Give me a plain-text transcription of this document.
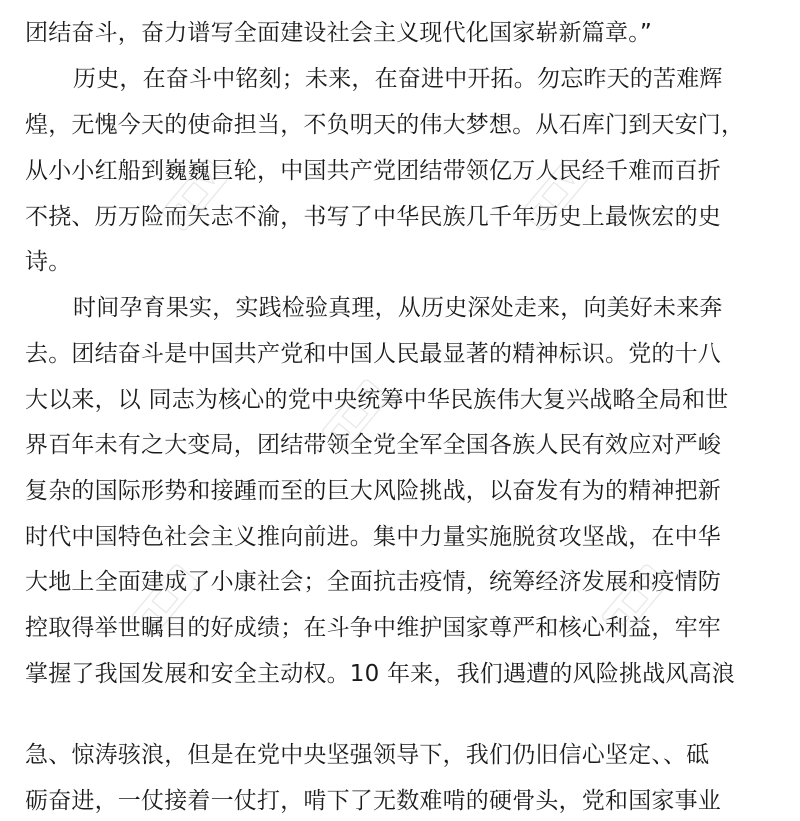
团结奋斗，奋力谱写全面建设社会主义现代化国家崭新篇章。”
历史，在奋斗中铭刻；未来，在奋进中开拓。勿忘昨天的苦难辉
煌，无愧今天的使命担当，不负明天的伟大梦想。从石库门到天安门，
从小小红船到巍巍巨轮，中国共产党团结带领亿万人民经千难而百折
不挠、历万险而矢志不渝，书写了中华民族几千年历史上最恢宏的史
诗。
时间孕育果实，实践检验真理，从历史深处走来，向美好未来奔
去。团结奋斗是中国共产党和中国人民最显著的精神标识。党的十八
大以来，以 同志为核心的党中央统筹中华民族伟大复兴战略全局和世
界百年未有之大变局，团结带领全党全军全国各族人民有效应对严峻
复杂的国际形势和接踵而至的巨大风险挑战，以奋发有为的精神把新
时代中国特色社会主义推向前进。集中力量实施脱贫攻坚战，在中华
大地上全面建成了小康社会；全面抗击疫情，统筹经济发展和疫情防
控取得举世瞩目的好成绩；在斗争中维护国家尊严和核心利益，牢牢
掌握了我国发展和安全主动权。10 年来，我们遇遭的风险挑战风高浪
急、惊涛骇浪，但是在党中央坚强领导下，我们仍旧信心坚定、、砥
砺奋进，一仗接着一仗打，啃下了无数难啃的硬骨头，党和国家事业
